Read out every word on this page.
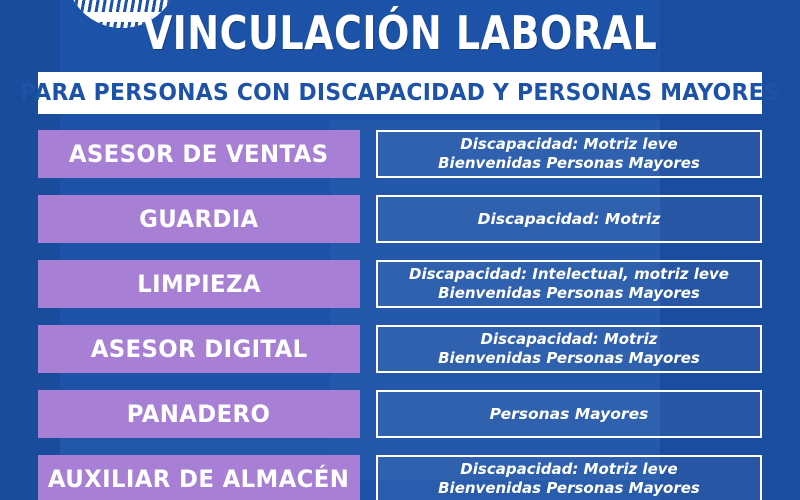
VINCULACIÓN LABORAL
PARA PERSONAS CON DISCAPACIDAD Y PERSONAS MAYORES
ASESOR DE VENTAS	Discapacidad: Motriz leve
Bienvenidas Personas Mayores
GUARDIA	Discapacidad: Motriz
LIMPIEZA	Discapacidad: Intelectual, motriz leve
Bienvenidas Personas Mayores
ASESOR DIGITAL	Discapacidad: Motriz
Bienvenidas Personas Mayores
PANADERO	Personas Mayores
AUXILIAR DE ALMACÉN	Discapacidad: Motriz leve
Bienvenidas Personas Mayores
